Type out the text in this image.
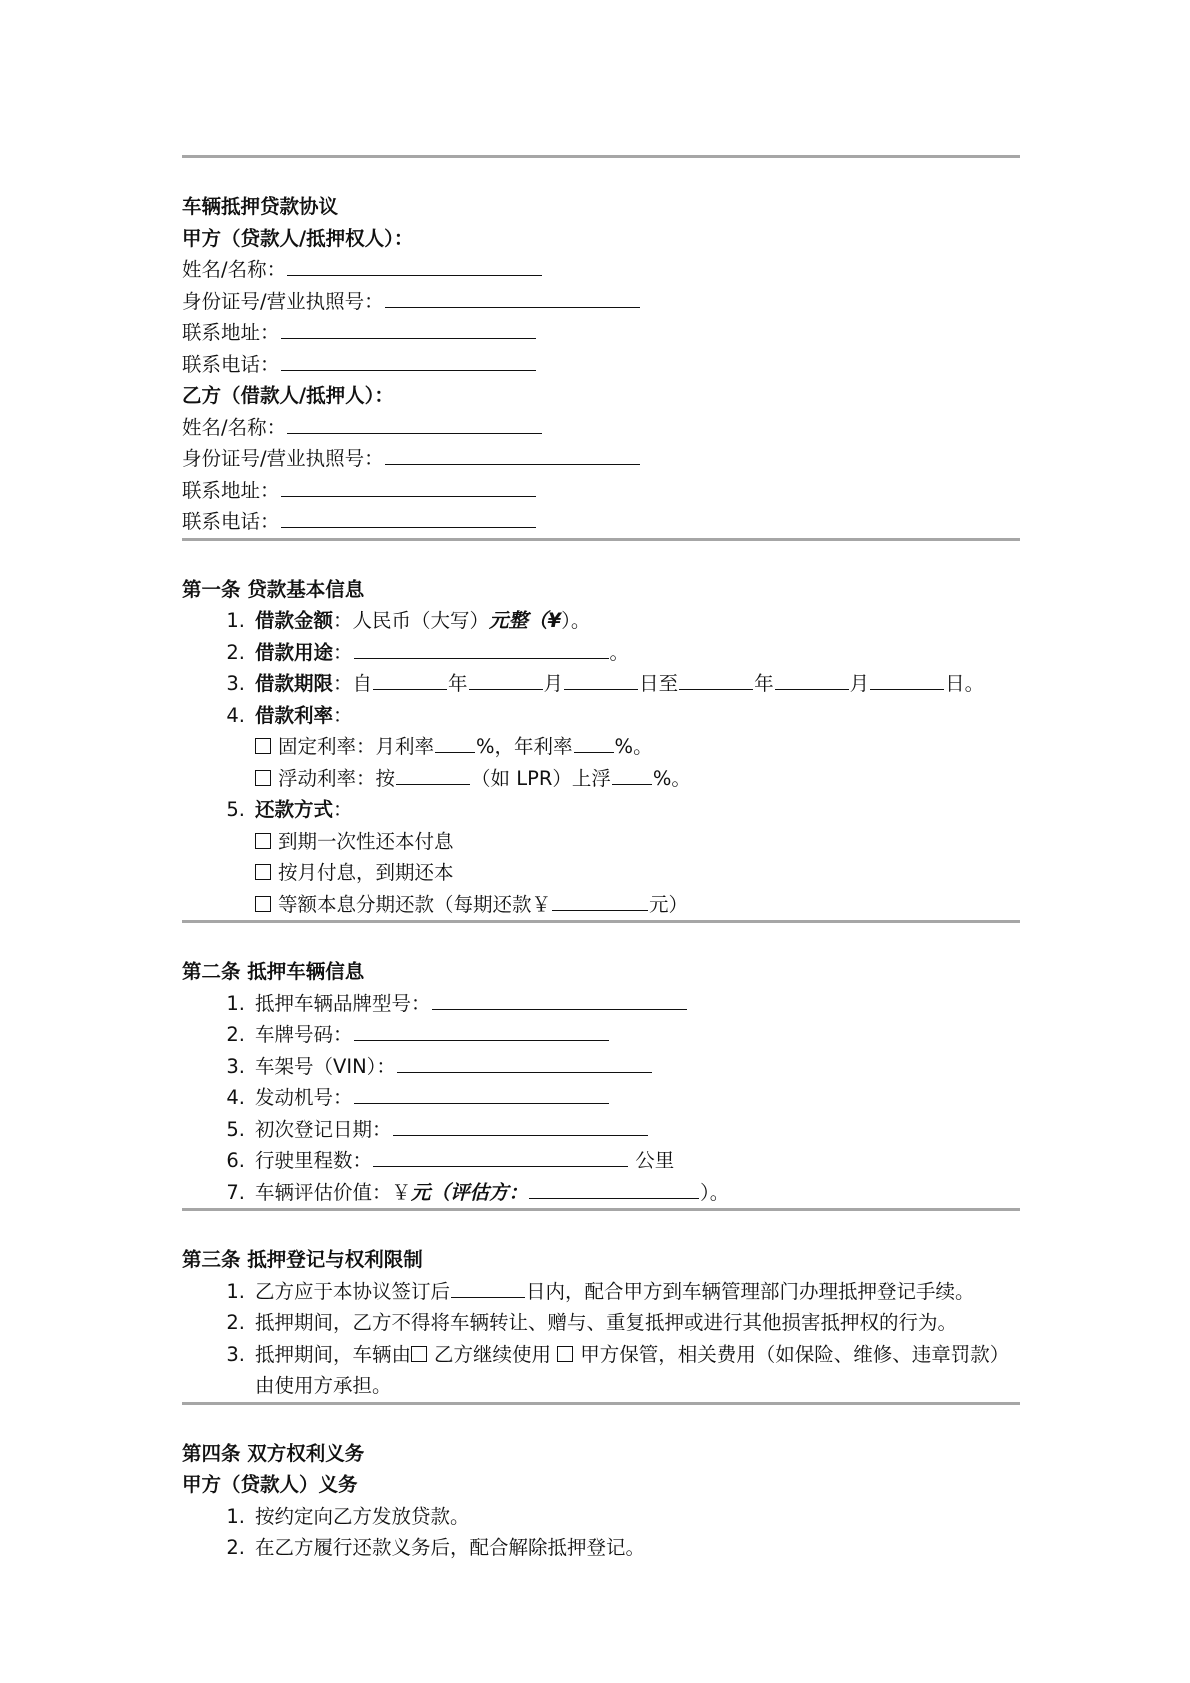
车辆抵押贷款协议
甲方（贷款人/抵押权人）：
姓名/名称：
身份证号/营业执照号：
联系地址：
联系电话：
乙方（借款人/抵押人）：
姓名/名称：
身份证号/营业执照号：
联系地址：
联系电话：
第一条 贷款基本信息
1. 借款金额：人民币（大写）元整（¥）。
2. 借款用途：	。
3. 借款期限：自	年	月	日至	年	月	日。
4. 借款利率：
固定利率：月利率 %，年利率 %。
浮动利率：按	（如 LPR）上浮 %。
5. 还款方式：
到期一次性还本付息
按月付息，到期还本
等额本息分期还款（每期还款￥	元）
第二条 抵押车辆信息
1. 抵押车辆品牌型号：
2. 车牌号码：
3. 车架号（VIN）：
4. 发动机号：
5. 初次登记日期：
6. 行驶里程数：	公里
7. 车辆评估价值：￥元（评估方：	）。
第三条 抵押登记与权利限制
1. 乙方应于本协议签订后	日内，配合甲方到车辆管理部门办理抵押登记手续。
2. 抵押期间，乙方不得将车辆转让、赠与、重复抵押或进行其他损害抵押权的行为。
3. 抵押期间，车辆由 乙方继续使用 甲方保管，相关费用（如保险、维修、违章罚款）由使用方承担。
第四条 双方权利义务
甲方（贷款人）义务
1. 按约定向乙方发放贷款。
2. 在乙方履行还款义务后，配合解除抵押登记。
